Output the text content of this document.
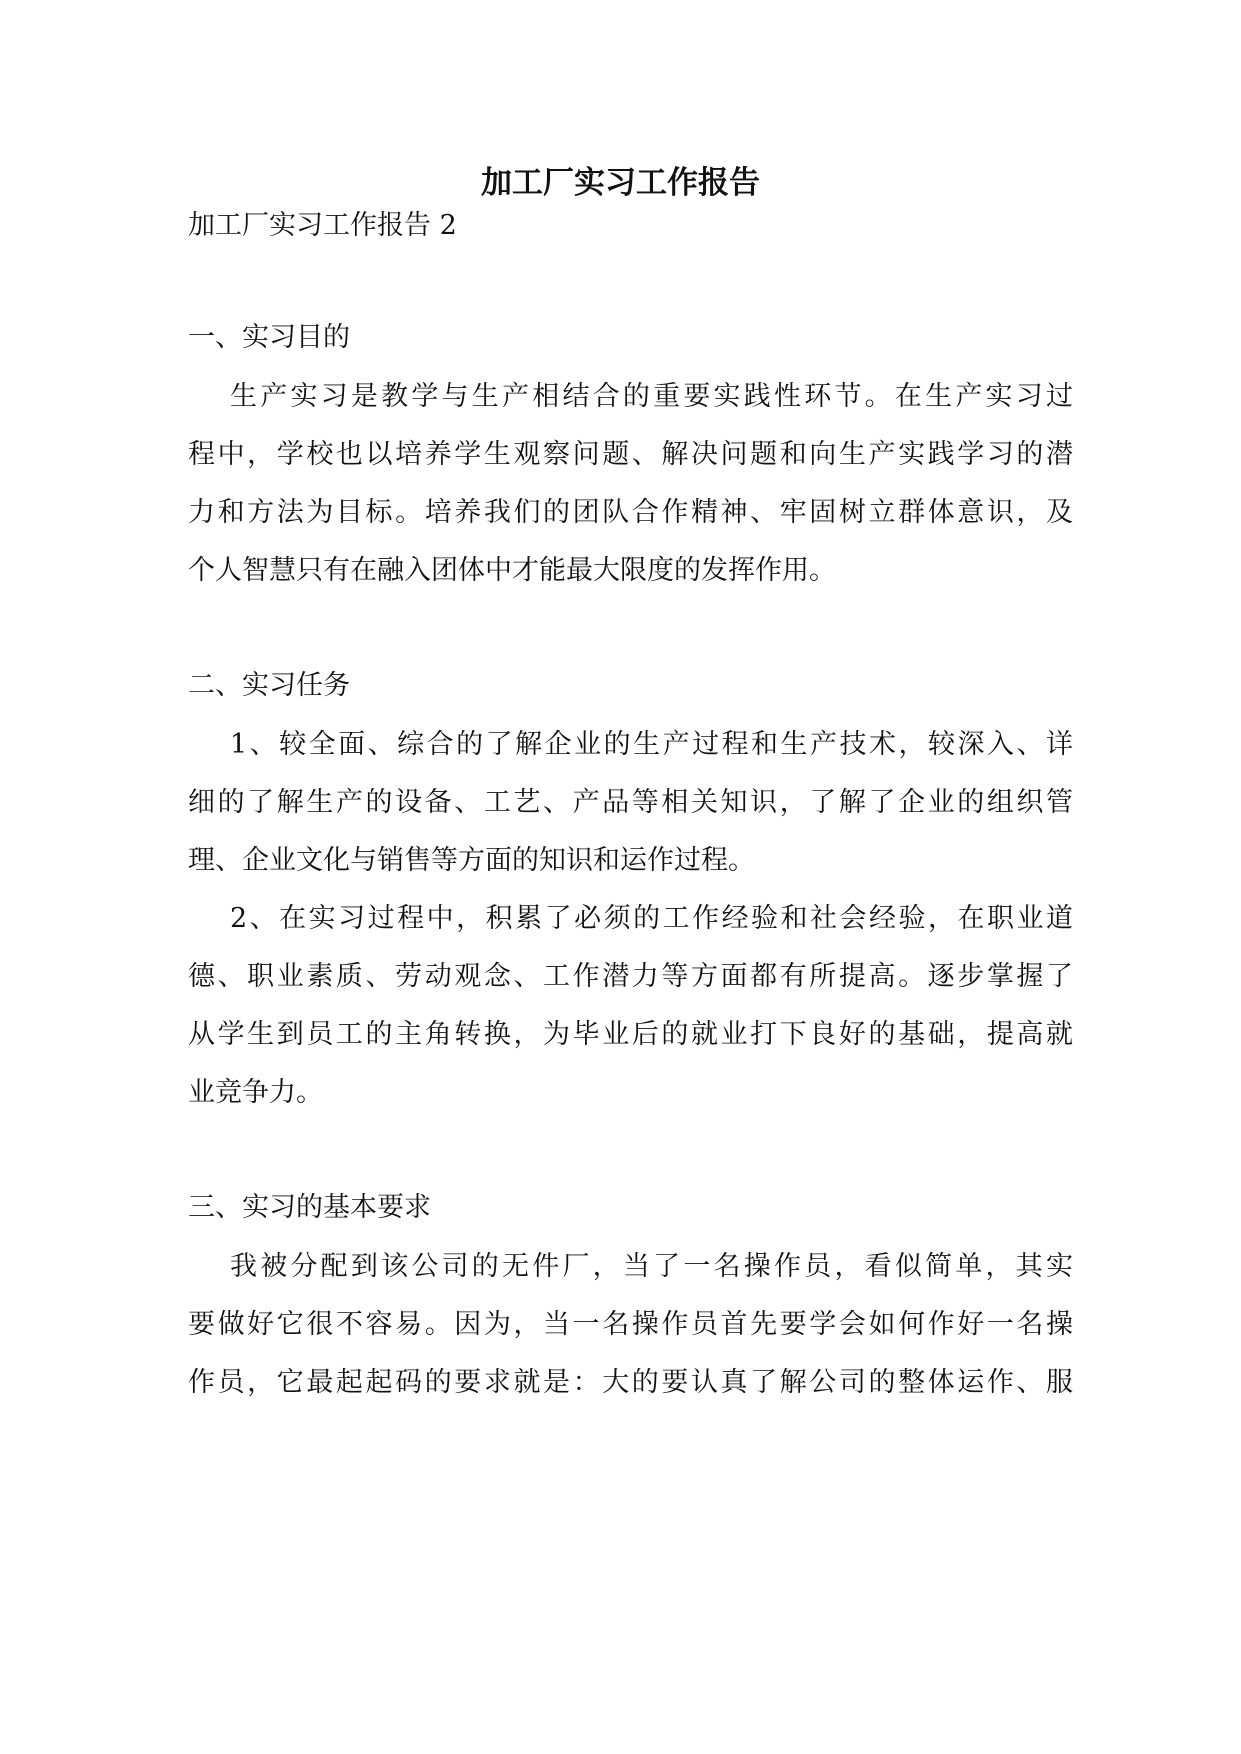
加工厂实习工作报告

加工厂实习工作报告 2

一、实习目的

生产实习是教学与生产相结合的重要实践性环节。在生产实习过

程中，学校也以培养学生观察问题、解决问题和向生产实践学习的潜

力和方法为目标。培养我们的团队合作精神、牢固树立群体意识，及

个人智慧只有在融入团体中才能最大限度的发挥作用。

二、实习任务

1、较全面、综合的了解企业的生产过程和生产技术，较深入、详

细的了解生产的设备、工艺、产品等相关知识，了解了企业的组织管

理、企业文化与销售等方面的知识和运作过程。

2、在实习过程中，积累了必须的工作经验和社会经验，在职业道

德、职业素质、劳动观念、工作潜力等方面都有所提高。逐步掌握了

从学生到员工的主角转换，为毕业后的就业打下良好的基础，提高就

业竞争力。

三、实习的基本要求

我被分配到该公司的无件厂，当了一名操作员，看似简单，其实

要做好它很不容易。因为，当一名操作员首先要学会如何作好一名操

作员，它最起起码的要求就是：大的要认真了解公司的整体运作、服
